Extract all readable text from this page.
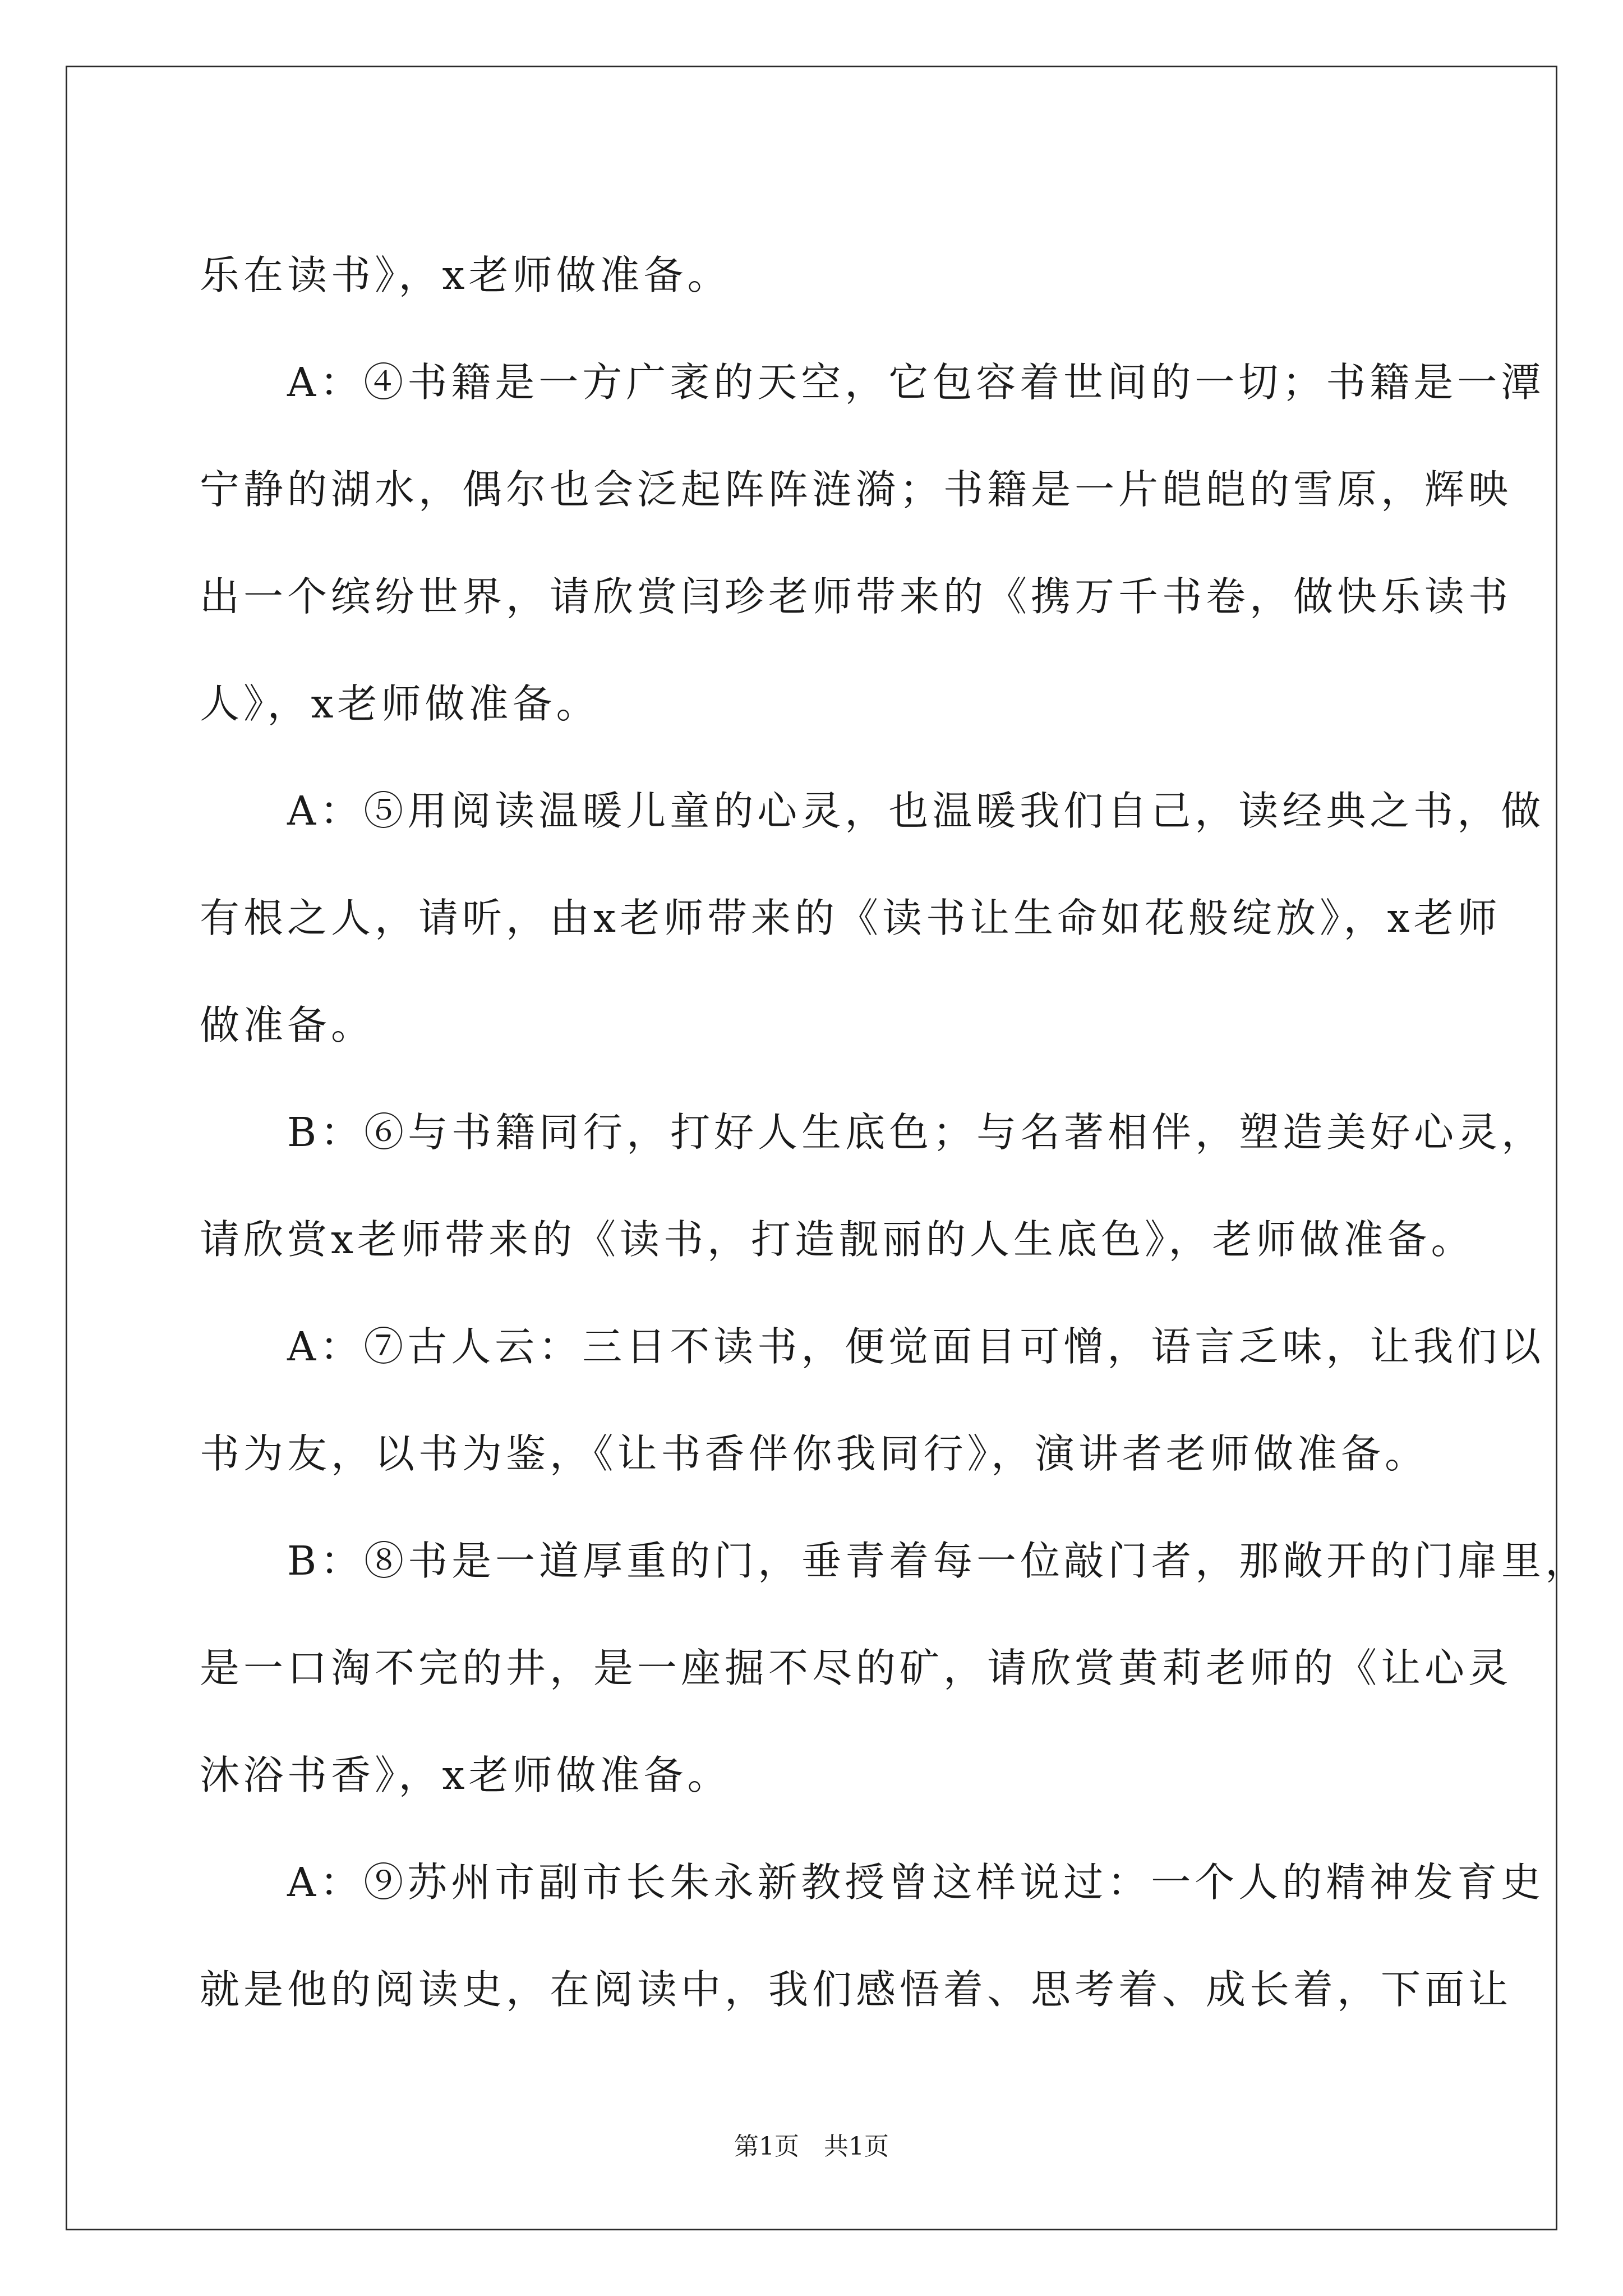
乐在读书》，x老师做准备。
　　A：④书籍是一方广袤的天空，它包容着世间的一切；书籍是一潭
宁静的湖水，偶尔也会泛起阵阵涟漪；书籍是一片皑皑的雪原，辉映
出一个缤纷世界，请欣赏闫珍老师带来的《携万千书卷，做快乐读书
人》，x老师做准备。
　　A：⑤用阅读温暖儿童的心灵，也温暖我们自己，读经典之书，做
有根之人，请听，由x老师带来的《读书让生命如花般绽放》，x老师
做准备。
　　B：⑥与书籍同行，打好人生底色；与名著相伴，塑造美好心灵，
请欣赏x老师带来的《读书，打造靓丽的人生底色》，老师做准备。
　　A：⑦古人云：三日不读书，便觉面目可憎，语言乏味，让我们以
书为友，以书为鉴，《让书香伴你我同行》，演讲者老师做准备。
　　B：⑧书是一道厚重的门，垂青着每一位敲门者，那敞开的门扉里，
是一口淘不完的井，是一座掘不尽的矿，请欣赏黄莉老师的《让心灵
沐浴书香》，x老师做准备。
　　A：⑨苏州市副市长朱永新教授曾这样说过：一个人的精神发育史
就是他的阅读史，在阅读中，我们感悟着、思考着、成长着，下面让
第1页　共1页
